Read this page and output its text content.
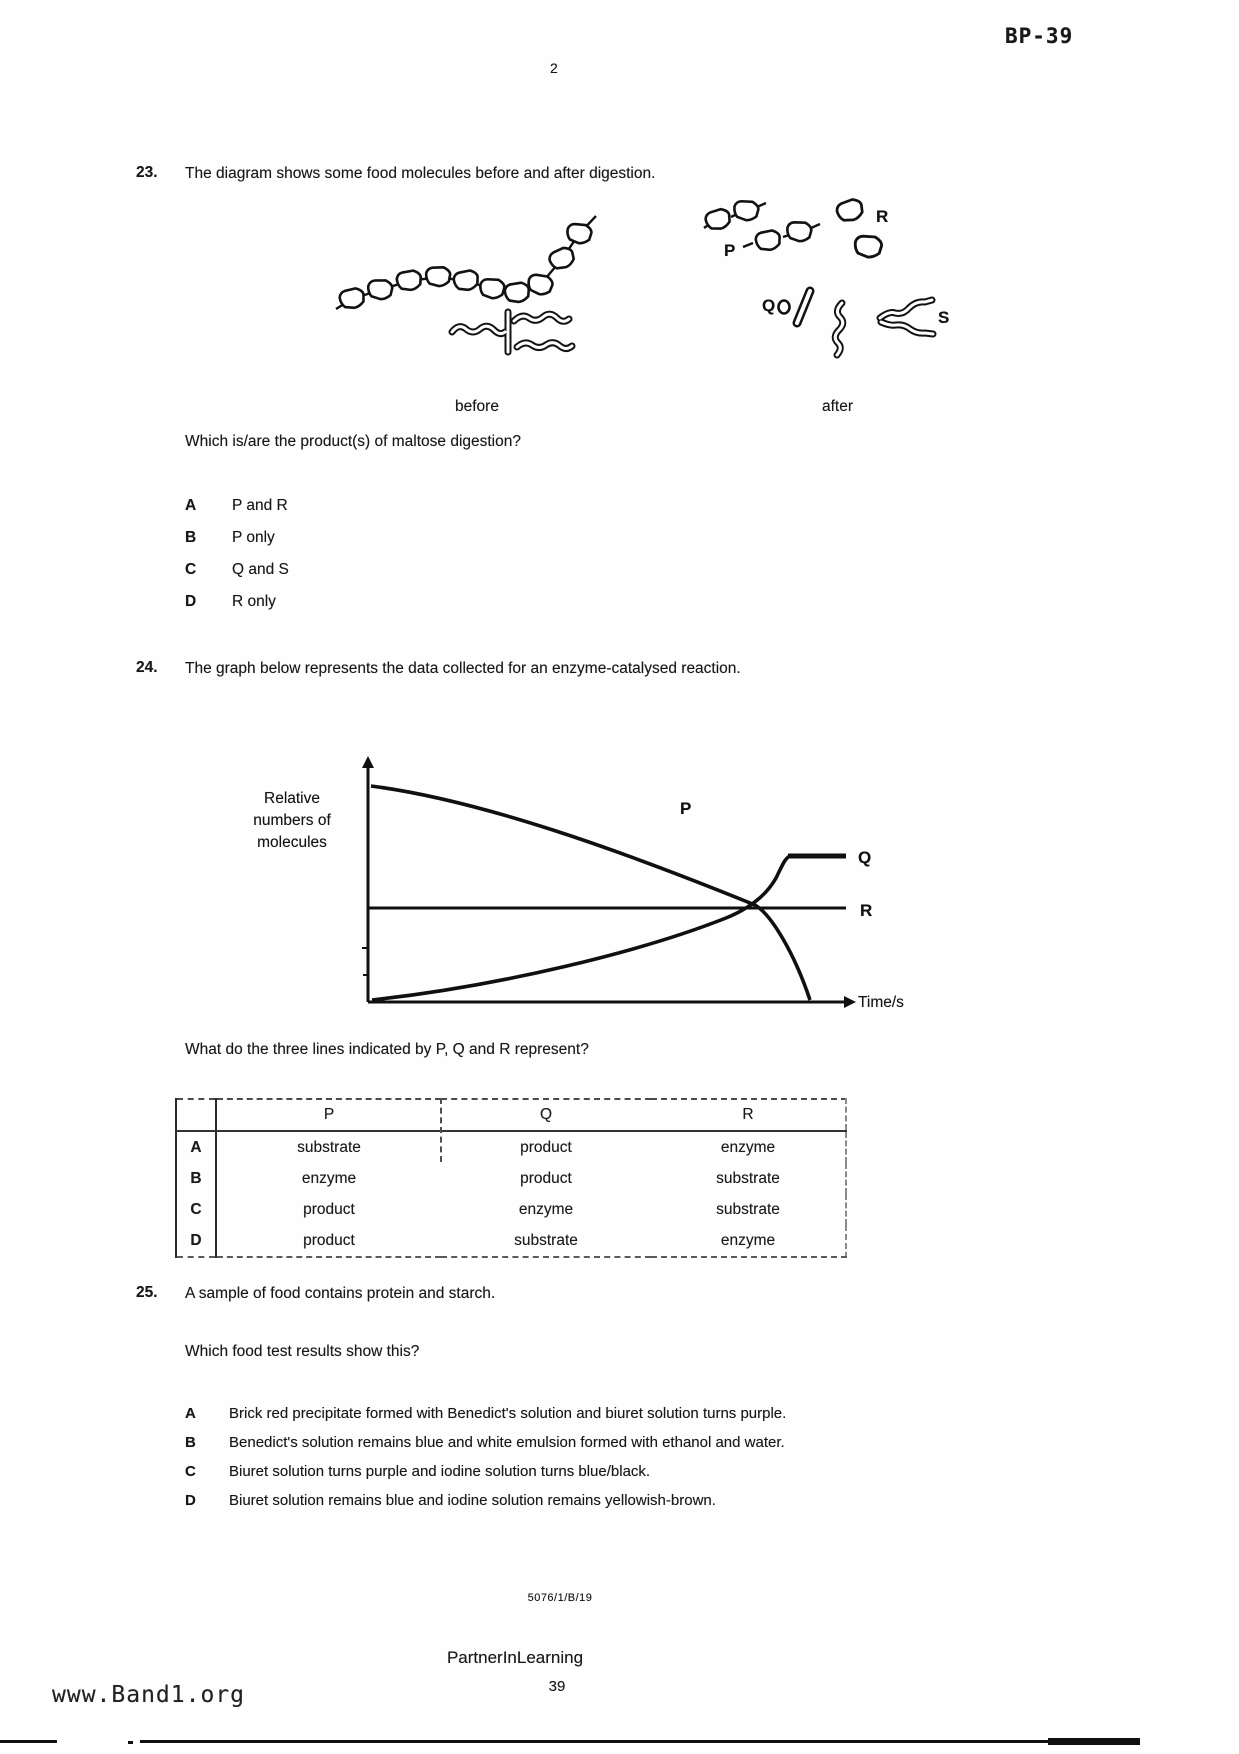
BP-39
2
23. The diagram shows some food molecules before and after digestion.
P
R
Q
S
before	after
Which is/are the product(s) of maltose digestion?
A P and R
B P only
C Q and S
D R only
24. The graph below represents the data collected for an enzyme-catalysed reaction.
P
Q
R
Time/s
Relative
numbers of
molecules
What do the three lines indicated by P, Q and R represent?
	P	Q	R
A	substrate	product	enzyme
B	enzyme	product	substrate
C	product	enzyme	substrate
D	product	substrate	enzyme
25. A sample of food contains protein and starch.
Which food test results show this?
A Brick red precipitate formed with Benedict's solution and biuret solution turns purple.
B Benedict's solution remains blue and white emulsion formed with ethanol and water.
C Biuret solution turns purple and iodine solution turns blue/black.
D Biuret solution remains blue and iodine solution remains yellowish-brown.
5076/1/B/19
PartnerInLearning
39
www.Band1.org
